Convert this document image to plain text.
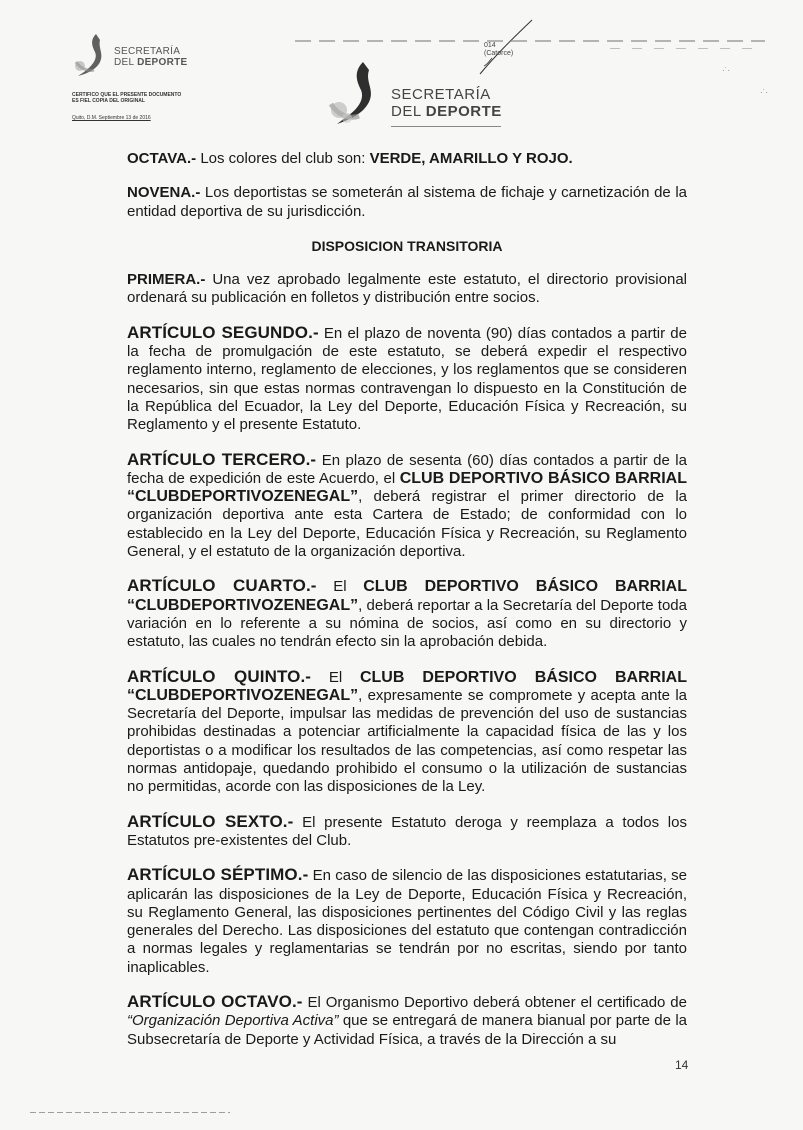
SECRETARÍA
DEL DEPORTE
CERTIFICO QUE EL PRESENTE DOCUMENTO ES FIEL COPIA DEL ORIGINAL
Quito, D.M. Septiembre 13 de 2016
014
(Catorce)
·˙·
·˙·
SECRETARÍA
DEL DEPORTE

OCTAVA.- Los colores del club son: VERDE, AMARILLO Y ROJO.

NOVENA.- Los deportistas se someterán al sistema de fichaje y carnetización de la entidad deportiva de su jurisdicción.

DISPOSICION TRANSITORIA

PRIMERA.- Una vez aprobado legalmente este estatuto, el directorio provisional ordenará su publicación en folletos y distribución entre socios.

ARTÍCULO SEGUNDO.- En el plazo de noventa (90) días contados a partir de la fecha de promulgación de este estatuto, se deberá expedir el respectivo reglamento interno, reglamento de elecciones, y los reglamentos que se consideren necesarios, sin que estas normas contravengan lo dispuesto en la Constitución de la República del Ecuador, la Ley del Deporte, Educación Física y Recreación, su Reglamento y el presente Estatuto.

ARTÍCULO TERCERO.- En plazo de sesenta (60) días contados a partir de la fecha de expedición de este Acuerdo, el CLUB DEPORTIVO BÁSICO BARRIAL “CLUBDEPORTIVOZENEGAL”, deberá registrar el primer directorio de la organización deportiva ante esta Cartera de Estado; de conformidad con lo establecido en la Ley del Deporte, Educación Física y Recreación, su Reglamento General, y el estatuto de la organización deportiva.

ARTÍCULO CUARTO.- El CLUB DEPORTIVO BÁSICO BARRIAL “CLUBDEPORTIVOZENEGAL”, deberá reportar a la Secretaría del Deporte toda variación en lo referente a su nómina de socios, así como en su directorio y estatuto, las cuales no tendrán efecto sin la aprobación debida.

ARTÍCULO QUINTO.- El CLUB DEPORTIVO BÁSICO BARRIAL “CLUBDEPORTIVOZENEGAL”, expresamente se compromete y acepta ante la Secretaría del Deporte, impulsar las medidas de prevención del uso de sustancias prohibidas destinadas a potenciar artificialmente la capacidad física de las y los deportistas o a modificar los resultados de las competencias, así como respetar las normas antidopaje, quedando prohibido el consumo o la utilización de sustancias no permitidas, acorde con las disposiciones de la Ley.

ARTÍCULO SEXTO.- El presente Estatuto deroga y reemplaza a todos los Estatutos pre-existentes del Club.

ARTÍCULO SÉPTIMO.- En caso de silencio de las disposiciones estatutarias, se aplicarán las disposiciones de la Ley de Deporte, Educación Física y Recreación, su Reglamento General, las disposiciones pertinentes del Código Civil y las reglas generales del Derecho. Las disposiciones del estatuto que contengan contradicción a normas legales y reglamentarias se tendrán por no escritas, siendo por tanto inaplicables.

ARTÍCULO OCTAVO.- El Organismo Deportivo deberá obtener el certificado de “Organización Deportiva Activa” que se entregará de manera bianual por parte de la Subsecretaría de Deporte y Actividad Física, a través de la Dirección a su

14
